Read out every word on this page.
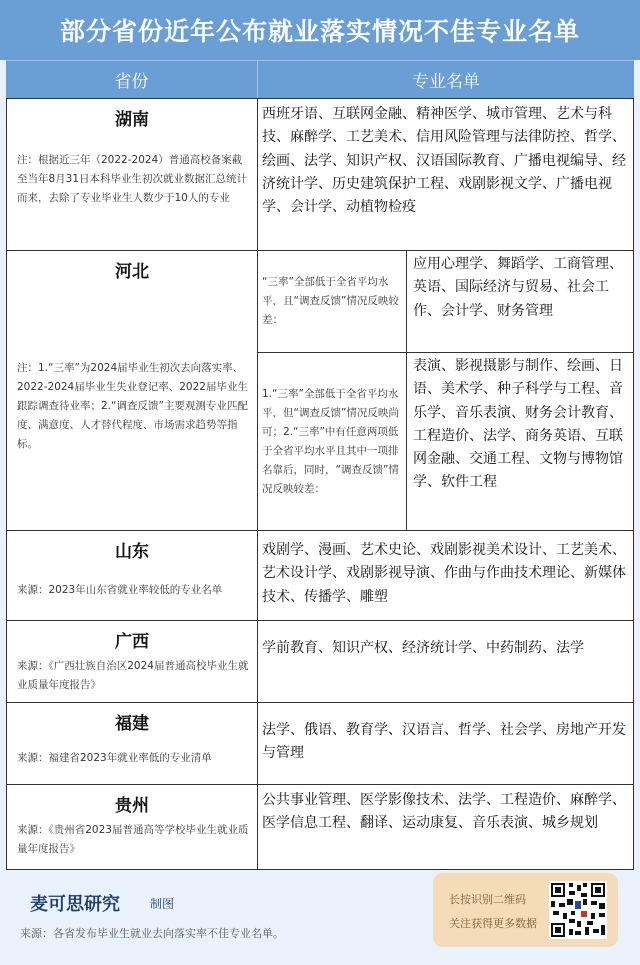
部分省份近年公布就业落实情况不佳专业名单
省份	专业名单
湖南
注：根据近三年（2022-2024）普通高校备案截至当年8月31日本科毕业生初次就业数据汇总统计而来，去除了专业毕业生人数少于10人的专业
西班牙语、互联网金融、精神医学、城市管理、艺术与科技、麻醉学、工艺美术、信用风险管理与法律防控、哲学、绘画、法学、知识产权、汉语国际教育、广播电视编导、经济统计学、历史建筑保护工程、戏剧影视文学、广播电视学、会计学、动植物检疫
河北
注：1.“三率”为2024届毕业生初次去向落实率、2022-2024届毕业生失业登记率、2022届毕业生跟踪调查待业率；2.“调查反馈”主要观测专业匹配度、满意度、人才替代程度、市场需求趋势等指标。
“三率”全部低于全省平均水平，且“调查反馈”情况反映较差：
应用心理学、舞蹈学、工商管理、英语、国际经济与贸易、社会工作、会计学、财务管理
1.“三率”全部低于全省平均水平，但“调查反馈”情况反映尚可；2.“三率”中有任意两项低于全省平均水平且其中一项排名靠后，同时，“调查反馈”情况反映较差：
表演、影视摄影与制作、绘画、日语、美术学、种子科学与工程、音乐学、音乐表演、财务会计教育、工程造价、法学、商务英语、互联网金融、交通工程、文物与博物馆学、软件工程
山东
来源：2023年山东省就业率较低的专业名单
戏剧学、漫画、艺术史论、戏剧影视美术设计、工艺美术、艺术设计学、戏剧影视导演、作曲与作曲技术理论、新媒体技术、传播学、雕塑
广西
来源：《广西壮族自治区2024届普通高校毕业生就业质量年度报告》
学前教育、知识产权、经济统计学、中药制药、法学
福建
来源：福建省2023年就业率低的专业清单
法学、俄语、教育学、汉语言、哲学、社会学、房地产开发与管理
贵州
来源：《贵州省2023届普通高等学校毕业生就业质量年度报告》
公共事业管理、医学影像技术、法学、工程造价、麻醉学、医学信息工程、翻译、运动康复、音乐表演、城乡规划
麦可思研究	制图
来源：各省发布毕业生就业去向落实率不佳专业名单。
长按识别二维码
关注获得更多数据
